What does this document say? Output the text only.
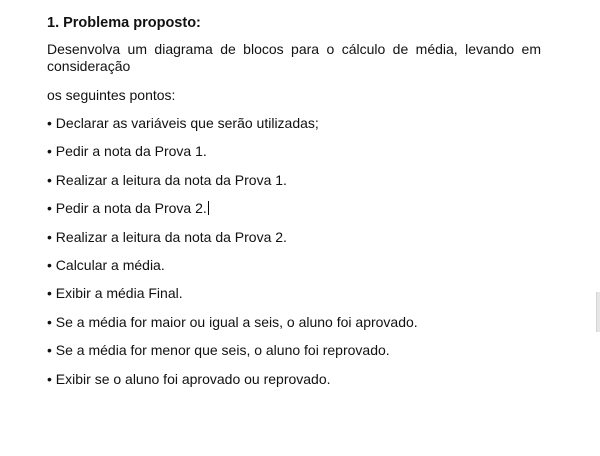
1. Problema proposto:

Desenvolva um diagrama de blocos para o cálculo de média, levando em consideração

os seguintes pontos:

• Declarar as variáveis que serão utilizadas;
• Pedir a nota da Prova 1.
• Realizar a leitura da nota da Prova 1.
• Pedir a nota da Prova 2.
• Realizar a leitura da nota da Prova 2.
• Calcular a média.
• Exibir a média Final.
• Se a média for maior ou igual a seis, o aluno foi aprovado.
• Se a média for menor que seis, o aluno foi reprovado.
• Exibir se o aluno foi aprovado ou reprovado.
